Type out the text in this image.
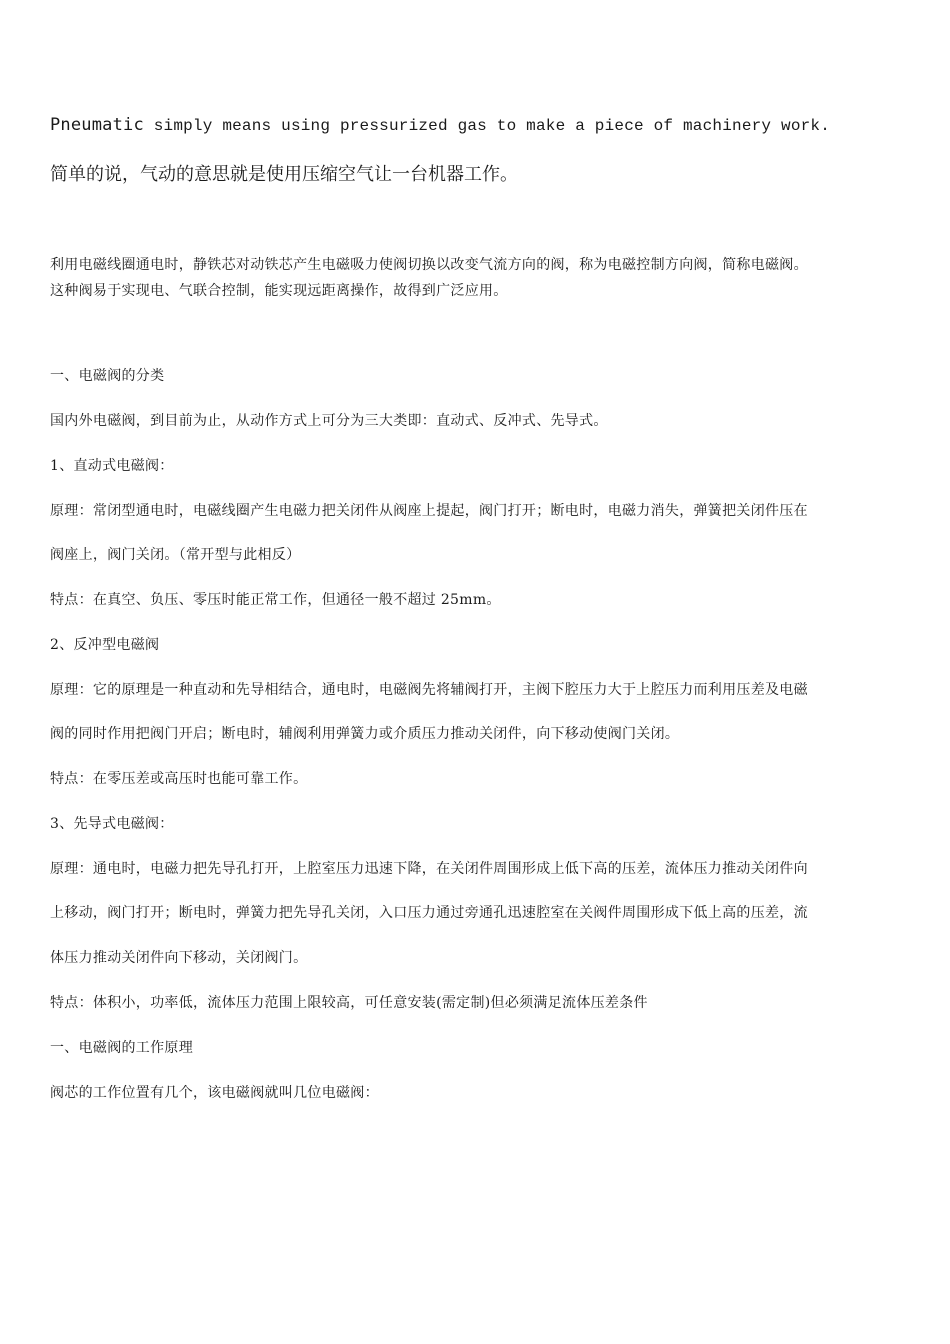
Pneumatic simply means using pressurized gas to make a piece of machinery work.

简单的说，气动的意思就是使用压缩空气让一台机器工作。

利用电磁线圈通电时，静铁芯对动铁芯产生电磁吸力使阀切换以改变气流方向的阀，称为电磁控制方向阀，简称电磁阀。

这种阀易于实现电、气联合控制，能实现远距离操作，故得到广泛应用。

一、电磁阀的分类

国内外电磁阀，到目前为止，从动作方式上可分为三大类即：直动式、反冲式、先导式。

1、直动式电磁阀：

原理：常闭型通电时，电磁线圈产生电磁力把关闭件从阀座上提起，阀门打开；断电时，电磁力消失，弹簧把关闭件压在

阀座上，阀门关闭。（常开型与此相反）

特点：在真空、负压、零压时能正常工作，但通径一般不超过 25mm。

2、反冲型电磁阀

原理：它的原理是一种直动和先导相结合，通电时，电磁阀先将辅阀打开，主阀下腔压力大于上腔压力而利用压差及电磁

阀的同时作用把阀门开启；断电时，辅阀利用弹簧力或介质压力推动关闭件，向下移动使阀门关闭。

特点：在零压差或高压时也能可靠工作。

3、先导式电磁阀：

原理：通电时，电磁力把先导孔打开，上腔室压力迅速下降，在关闭件周围形成上低下高的压差，流体压力推动关闭件向

上移动，阀门打开；断电时，弹簧力把先导孔关闭，入口压力通过旁通孔迅速腔室在关阀件周围形成下低上高的压差，流

体压力推动关闭件向下移动，关闭阀门。

特点：体积小，功率低，流体压力范围上限较高，可任意安装(需定制)但必须满足流体压差条件

一、电磁阀的工作原理

阀芯的工作位置有几个，该电磁阀就叫几位电磁阀：
